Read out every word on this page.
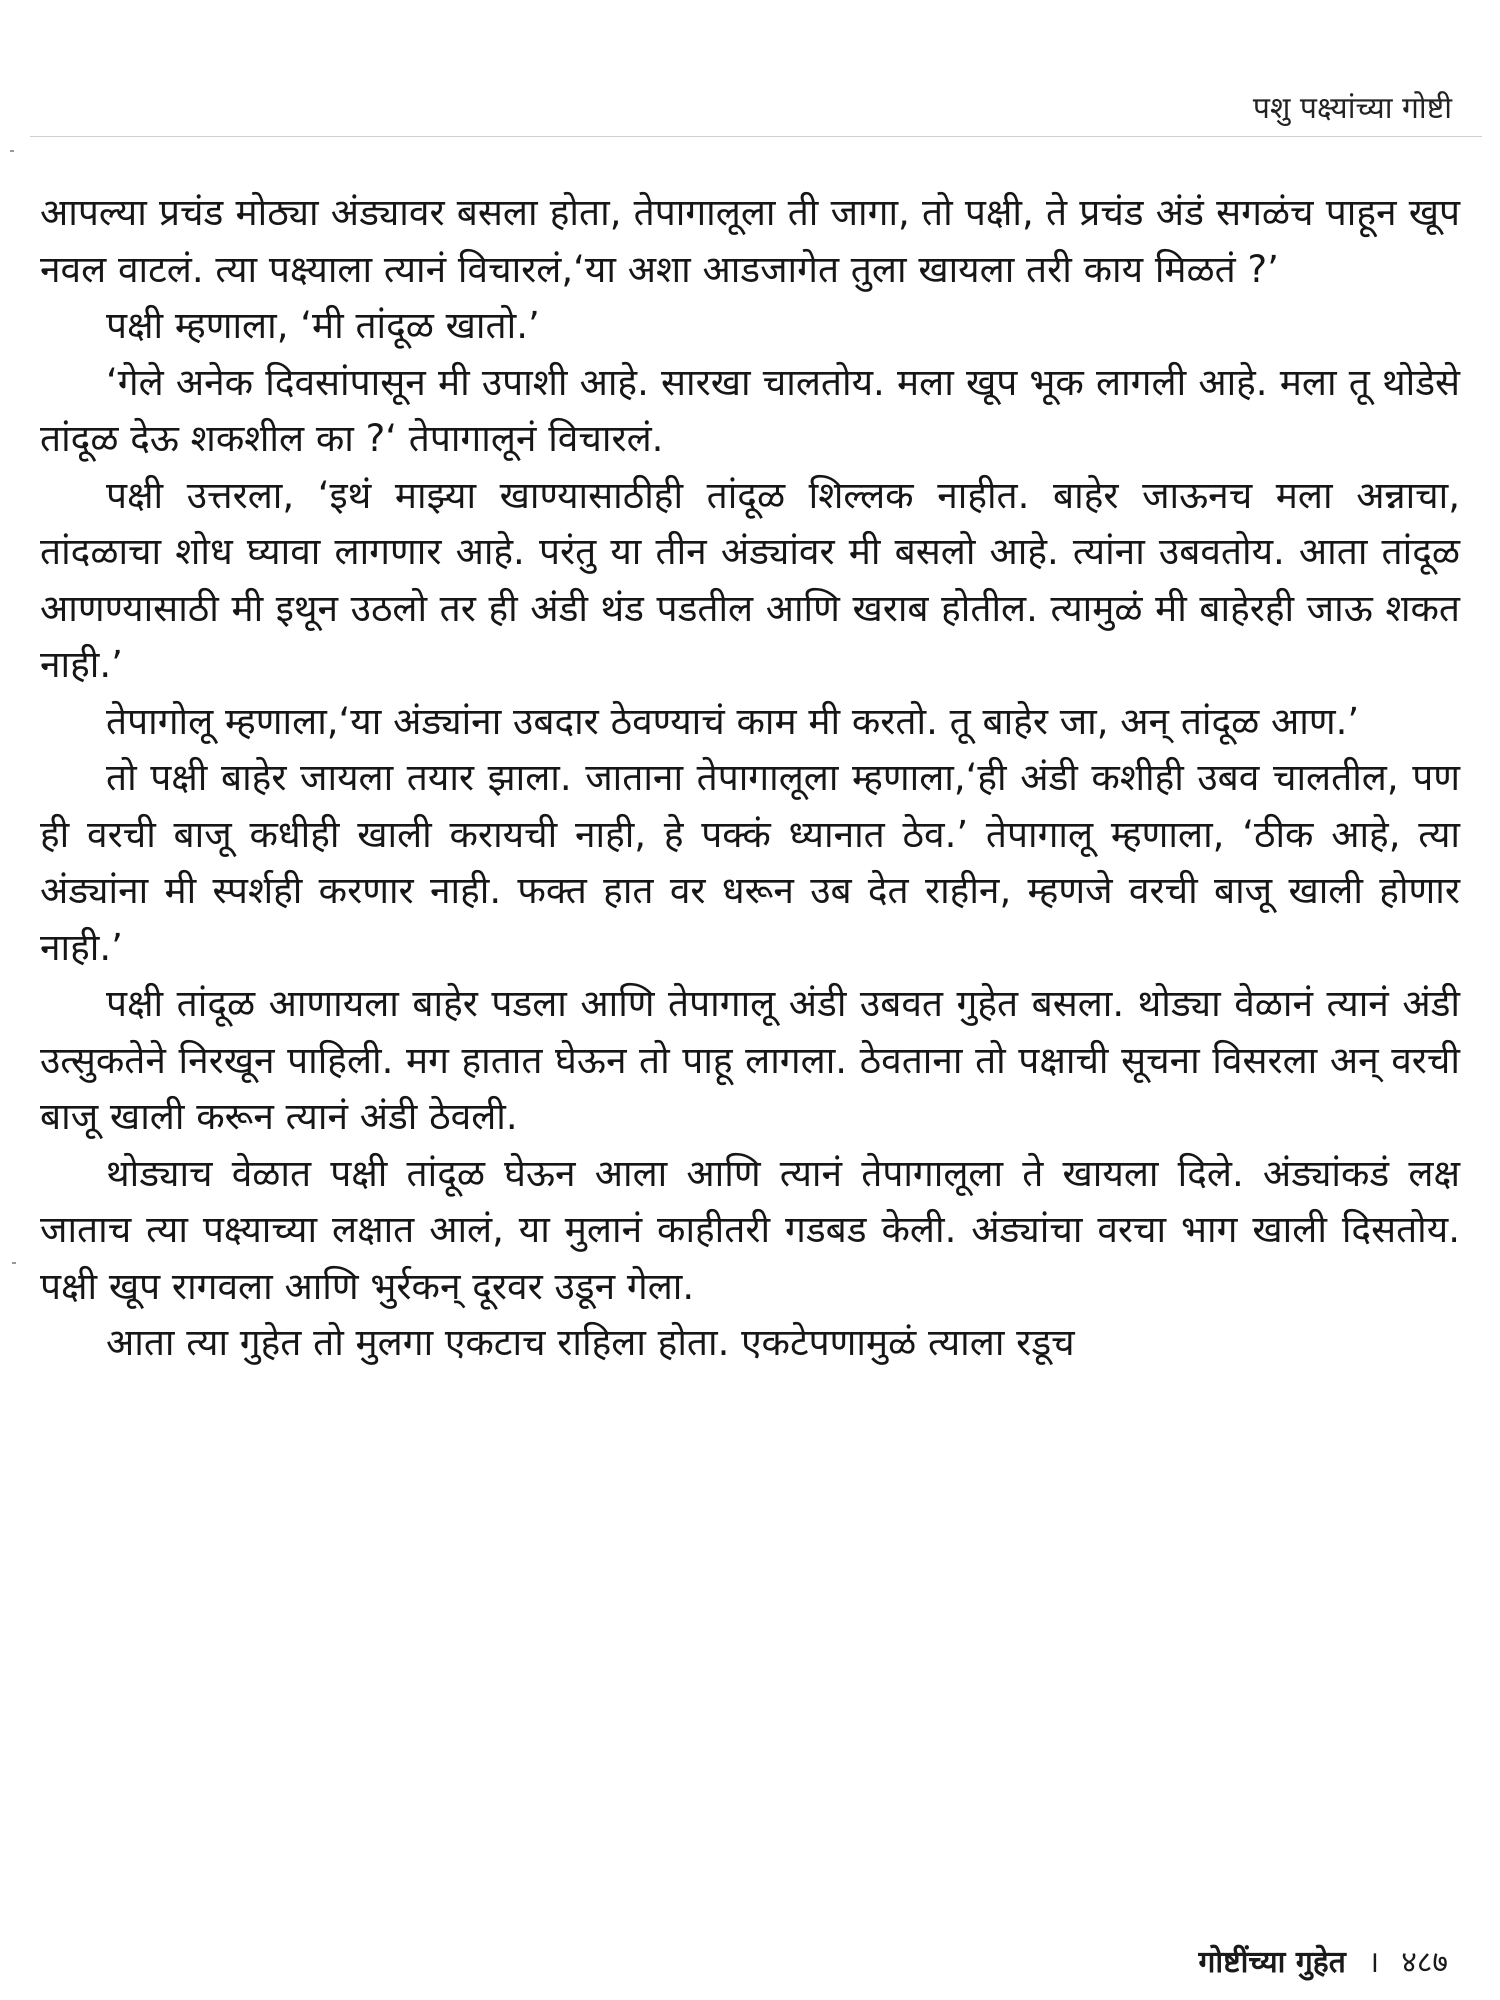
पशु पक्ष्यांच्या गोष्टी

आपल्या प्रचंड मोठ्या अंड्यावर बसला होता, तेपागालूला ती जागा, तो पक्षी, ते प्रचंड अंडं सगळंच पाहून खूप नवल वाटलं. त्या पक्ष्याला त्यानं विचारलं,‘या अशा आडजागेत तुला खायला तरी काय मिळतं ?’

पक्षी म्हणाला, ‘मी तांदूळ खातो.’

‘गेले अनेक दिवसांपासून मी उपाशी आहे. सारखा चालतोय. मला खूप भूक लागली आहे. मला तू थोडेसे तांदूळ देऊ शकशील का ?‘ तेपागालूनं विचारलं.

पक्षी उत्तरला, ‘इथं माझ्या खाण्यासाठीही तांदूळ शिल्लक नाहीत. बाहेर जाऊनच मला अन्नाचा, तांदळाचा शोध घ्यावा लागणार आहे. परंतु या तीन अंड्यांवर मी बसलो आहे. त्यांना उबवतोय. आता तांदूळ आणण्यासाठी मी इथून उठलो तर ही अंडी थंड पडतील आणि खराब होतील. त्यामुळं मी बाहेरही जाऊ शकत नाही.’

तेपागोलू म्हणाला,‘या अंड्यांना उबदार ठेवण्याचं काम मी करतो. तू बाहेर जा, अन् तांदूळ आण.’

तो पक्षी बाहेर जायला तयार झाला. जाताना तेपागालूला म्हणाला,‘ही अंडी कशीही उबव चालतील, पण ही वरची बाजू कधीही खाली करायची नाही, हे पक्कं ध्यानात ठेव.’ तेपागालू म्हणाला, ‘ठीक आहे, त्या अंड्यांना मी स्पर्शही करणार नाही. फक्त हात वर धरून उब देत राहीन, म्हणजे वरची बाजू खाली होणार नाही.’

पक्षी तांदूळ आणायला बाहेर पडला आणि तेपागालू अंडी उबवत गुहेत बसला. थोड्या वेळानं त्यानं अंडी उत्सुकतेने निरखून पाहिली. मग हातात घेऊन तो पाहू लागला. ठेवताना तो पक्षाची सूचना विसरला अन् वरची बाजू खाली करून त्यानं अंडी ठेवली.

थोड्याच वेळात पक्षी तांदूळ घेऊन आला आणि त्यानं तेपागालूला ते खायला दिले. अंड्यांकडं लक्ष जाताच त्या पक्ष्याच्या लक्षात आलं, या मुलानं काहीतरी गडबड केली. अंड्यांचा वरचा भाग खाली दिसतोय. पक्षी खूप रागवला आणि भुर्रकन् दूरवर उडून गेला.

आता त्या गुहेत तो मुलगा एकटाच राहिला होता. एकटेपणामुळं त्याला रडूच

गोष्टींच्या गुहेत । ४८७
